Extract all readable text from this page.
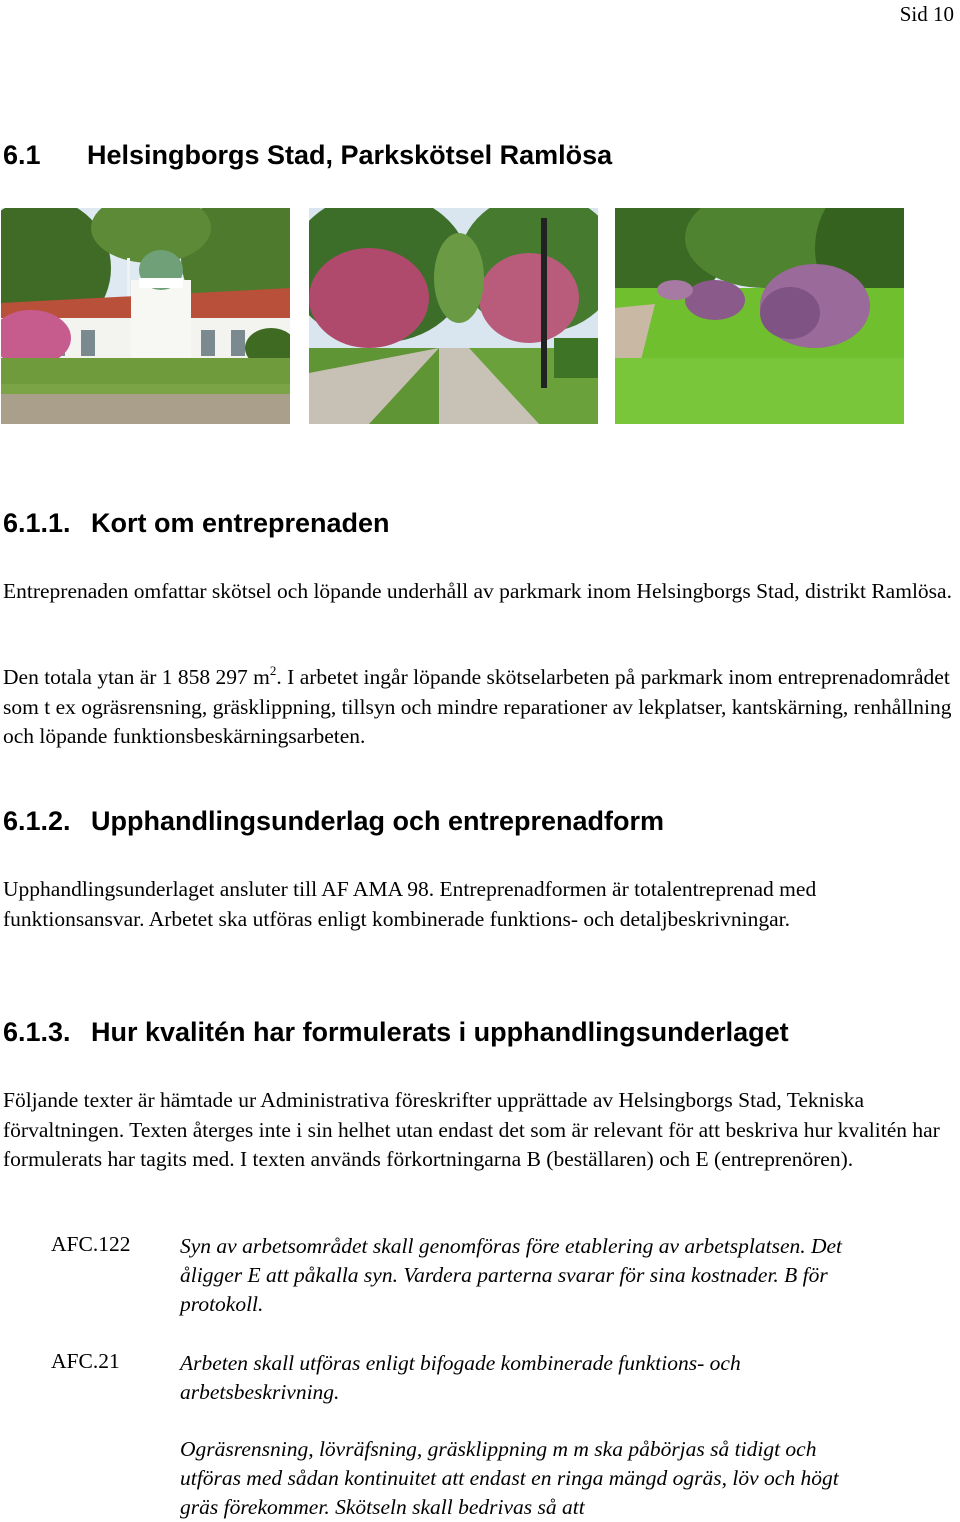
Sid 10
6.1 Helsingborgs Stad, Parkskötsel Ramlösa
6.1.1. Kort om entreprenaden
Entreprenaden omfattar skötsel och löpande underhåll av parkmark inom Helsingborgs Stad, distrikt Ramlösa.
Den totala ytan är 1 858 297 $m^2$. I arbetet ingår löpande skötselarbeten på parkmark inom entreprenadområdet som t ex ogräsrensning, gräsklippning, tillsyn och mindre reparationer av lekplatser, kantskärning, renhållning och löpande funktionsbeskärningsarbeten.
6.1.2. Upphandlingsunderlag och entreprenadform
Upphandlingsunderlaget ansluter till AF AMA 98. Entreprenadformen är totalentreprenad med funktionsansvar. Arbetet ska utföras enligt kombinerade funktions- och detaljbeskrivningar.
6.1.3. Hur kvalitén har formulerats i upphandlingsunderlaget
Följande texter är hämtade ur Administrativa föreskrifter upprättade av Helsingborgs Stad, Tekniska förvaltningen. Texten återges inte i sin helhet utan endast det som är relevant för att beskriva hur kvalitén har formulerats har tagits med. I texten används förkortningarna B (beställaren) och E (entreprenören).
AFC.122 Syn av arbetsområdet skall genomföras före etablering av arbetsplatsen. Det åligger E att påkalla syn. Vardera parterna svarar för sina kostnader. B för protokoll.
AFC.21	Arbeten skall utföras enligt bifogade kombinerade funktions- och arbetsbeskrivning.
Ogräsrensning, lövräfsning, gräsklippning m m ska påbörjas så tidigt och utföras med sådan kontinuitet att endast en ringa mängd ogräs, löv och högt gräs förekommer. Skötseln skall bedrivas så att
